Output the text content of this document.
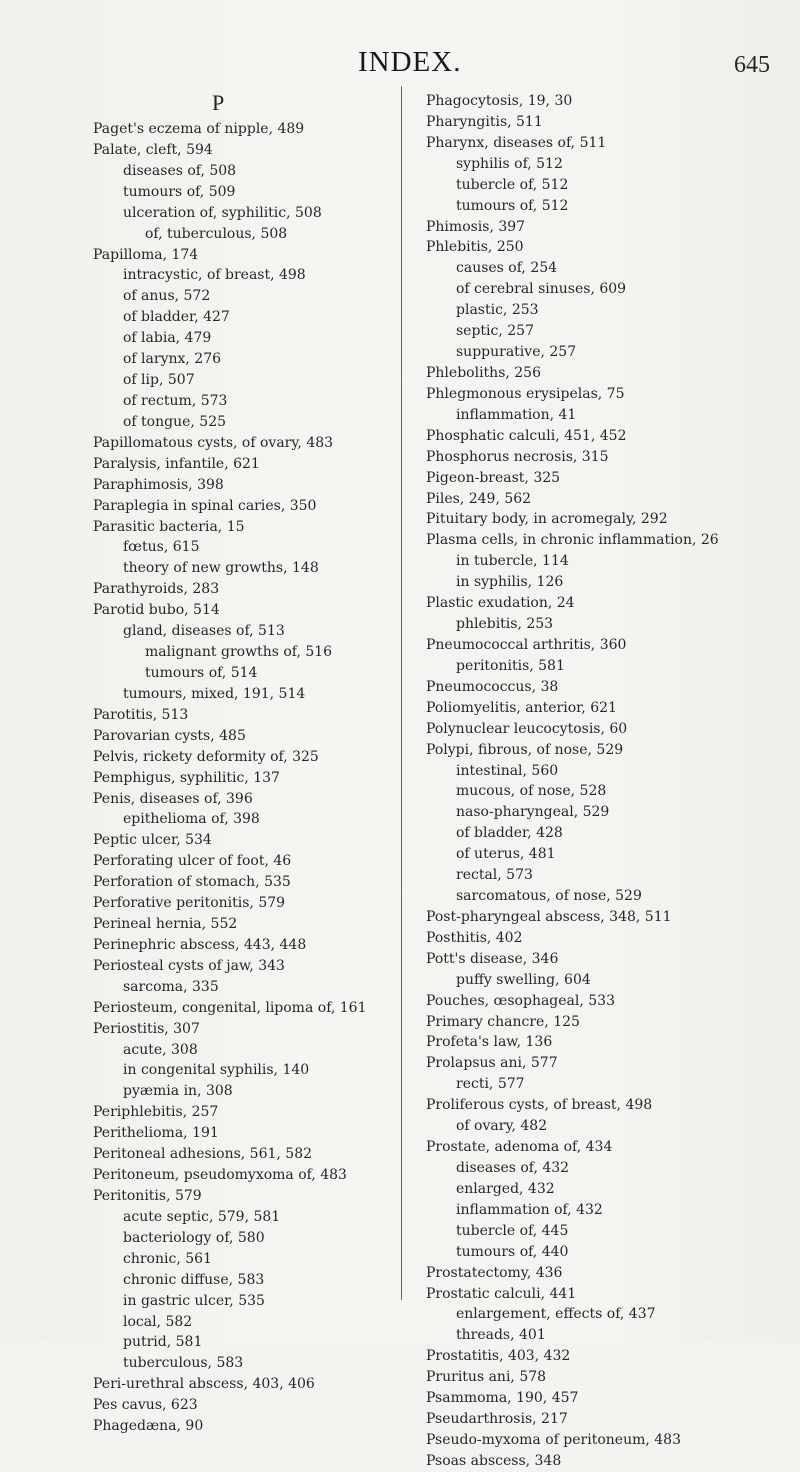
INDEX.	645
P
Paget's eczema of nipple, 489
Palate, cleft, 594
diseases of, 508
tumours of, 509
ulceration of, syphilitic, 508
of, tuberculous, 508
Papilloma, 174
intracystic, of breast, 498
of anus, 572
of bladder, 427
of labia, 479
of larynx, 276
of lip, 507
of rectum, 573
of tongue, 525
Papillomatous cysts, of ovary, 483
Paralysis, infantile, 621
Paraphimosis, 398
Paraplegia in spinal caries, 350
Parasitic bacteria, 15
fœtus, 615
theory of new growths, 148
Parathyroids, 283
Parotid bubo, 514
gland, diseases of, 513
malignant growths of, 516
tumours of, 514
tumours, mixed, 191, 514
Parotitis, 513
Parovarian cysts, 485
Pelvis, rickety deformity of, 325
Pemphigus, syphilitic, 137
Penis, diseases of, 396
epithelioma of, 398
Peptic ulcer, 534
Perforating ulcer of foot, 46
Perforation of stomach, 535
Perforative peritonitis, 579
Perineal hernia, 552
Perinephric abscess, 443, 448
Periosteal cysts of jaw, 343
sarcoma, 335
Periosteum, congenital, lipoma of, 161
Periostitis, 307
acute, 308
in congenital syphilis, 140
pyæmia in, 308
Periphlebitis, 257
Perithelioma, 191
Peritoneal adhesions, 561, 582
Peritoneum, pseudomyxoma of, 483
Peritonitis, 579
acute septic, 579, 581
bacteriology of, 580
chronic, 561
chronic diffuse, 583
in gastric ulcer, 535
local, 582
putrid, 581
tuberculous, 583
Peri-urethral abscess, 403, 406
Pes cavus, 623
Phagedæna, 90
Phagocytosis, 19, 30
Pharyngitis, 511
Pharynx, diseases of, 511
syphilis of, 512
tubercle of, 512
tumours of, 512
Phimosis, 397
Phlebitis, 250
causes of, 254
of cerebral sinuses, 609
plastic, 253
septic, 257
suppurative, 257
Phleboliths, 256
Phlegmonous erysipelas, 75
inflammation, 41
Phosphatic calculi, 451, 452
Phosphorus necrosis, 315
Pigeon-breast, 325
Piles, 249, 562
Pituitary body, in acromegaly, 292
Plasma cells, in chronic inflammation, 26
in tubercle, 114
in syphilis, 126
Plastic exudation, 24
phlebitis, 253
Pneumococcal arthritis, 360
peritonitis, 581
Pneumococcus, 38
Poliomyelitis, anterior, 621
Polynuclear leucocytosis, 60
Polypi, fibrous, of nose, 529
intestinal, 560
mucous, of nose, 528
naso-pharyngeal, 529
of bladder, 428
of uterus, 481
rectal, 573
sarcomatous, of nose, 529
Post-pharyngeal abscess, 348, 511
Posthitis, 402
Pott's disease, 346
puffy swelling, 604
Pouches, œsophageal, 533
Primary chancre, 125
Profeta's law, 136
Prolapsus ani, 577
recti, 577
Proliferous cysts, of breast, 498
of ovary, 482
Prostate, adenoma of, 434
diseases of, 432
enlarged, 432
inflammation of, 432
tubercle of, 445
tumours of, 440
Prostatectomy, 436
Prostatic calculi, 441
enlargement, effects of, 437
threads, 401
Prostatitis, 403, 432
Pruritus ani, 578
Psammoma, 190, 457
Pseudarthrosis, 217
Pseudo-myxoma of peritoneum, 483
Psoas abscess, 348
